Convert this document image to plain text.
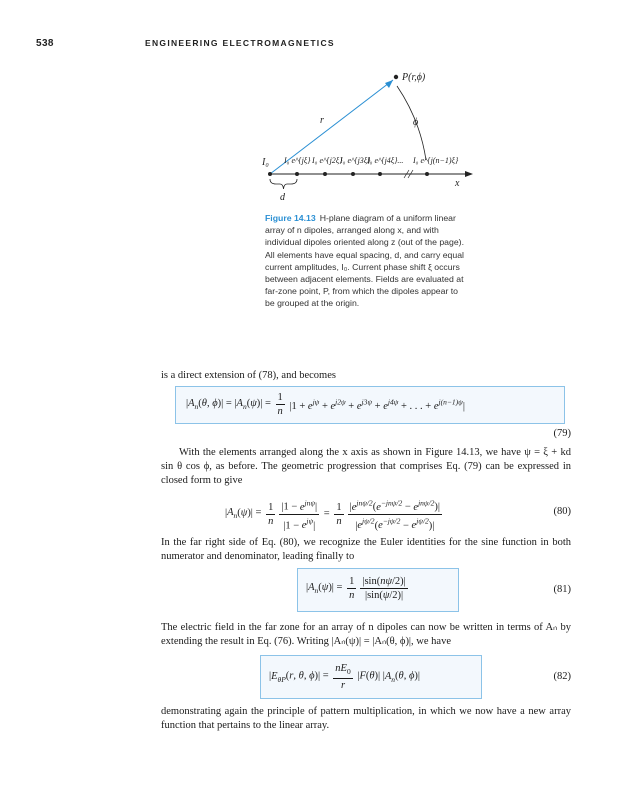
538	ENGINEERING ELECTROMAGNETICS
x
P(r,ϕ)
r	ϕ
I₀ I₀ e^{jξ} I₀ e^{j2ξ}
I₀ e^{j3ξ}
I₀ e^{j4ξ}... I₀ e^{j(n−1)ξ}
d
Figure 14.13 H-plane diagram of a uniform linear array of n dipoles, arranged along x, and with individual dipoles oriented along z (out of the page). All elements have equal spacing, d, and carry equal current amplitudes, I₀. Current phase shift ξ occurs between adjacent elements. Fields are evaluated at far-zone point, P, from which the dipoles appear to be grouped at the origin.
is a direct extension of (78), and becomes
$|A_n(\theta$, $\phi)| = |A_n(\psi)| = \frac{1}{n} |1 + e^{j\psi} + e^{j2\psi} + e^{j3\psi} + e^{j4\psi}$ + . . . + $e^{j(n-1)\psi}|$
(79)
With the elements arranged along the x axis as shown in Figure 14.13, we have ψ = ξ + kd sin θ cos ϕ, as before. The geometric progression that comprises Eq. (79) can be expressed in closed form to give
$|A_n(\psi)| = \frac{1}{n} \frac{|1 - e^{jn\psi}|}{|1 - e^{j\psi}|} = \frac{1}{n} \frac{|e^{jn\psi/2}(e^{-jn\psi/2} - e^{jn\psi/2})|}{|e^{j\psi/2}(e^{-j\psi/2} - e^{j\psi/2})|}$	(80)
In the far right side of Eq. (80), we recognize the Euler identities for the sine function in both numerator and denominator, leading finally to
$|A_n(\psi)| = \frac{1}{n} \frac{|\sin(n\psi/2)|}{|\sin(\psi/2)|}$	(81)
The electric field in the far zone for an array of n dipoles can now be written in terms of Aₙ by extending the result in Eq. (76). Writing |Aₙ(ψ)| = |Aₙ(θ, ϕ)|, we have
$|E_{\theta P}(r$, θ, $\phi)| = \frac{nE_0}{r} |F(\theta)|$ $|A_n(\theta$, ϕ)|	(82)
demonstrating again the principle of pattern multiplication, in which we now have a new array function that pertains to the linear array.
